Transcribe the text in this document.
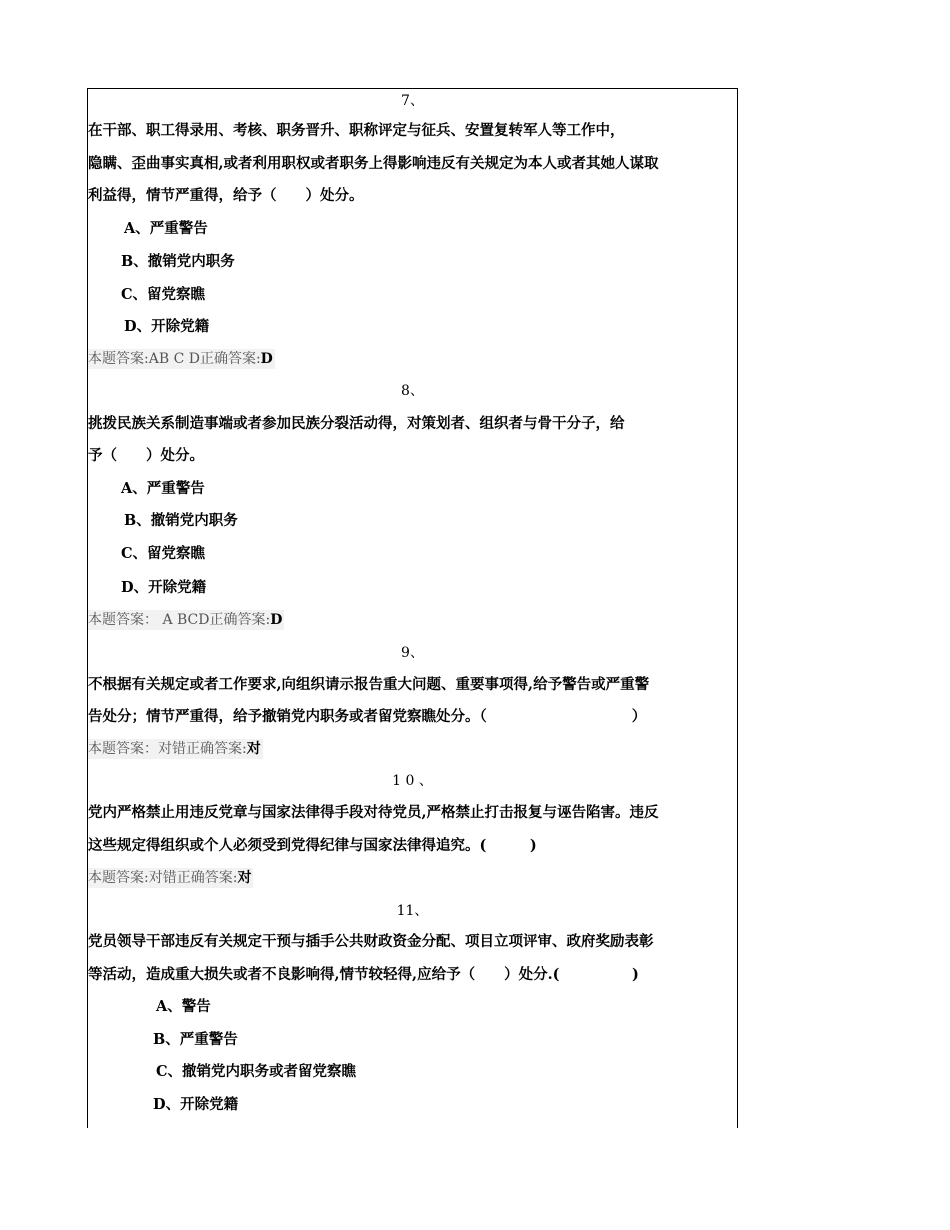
7、
在干部、职工得录用、考核、职务晋升、职称评定与征兵、安置复转军人等工作中，
隐瞒、歪曲事实真相,或者利用职权或者职务上得影响违反有关规定为本人或者其她人谋取
利益得，情节严重得，给予（　　）处分。
A、严重警告
B、撤销党内职务
C、留党察瞧
D、开除党籍
本题答案:AB C D正确答案:D
8、
挑拨民族关系制造事端或者参加民族分裂活动得，对策划者、组织者与骨干分子，给
予（　　）处分。
A、严重警告
B、撤销党内职务
C、留党察瞧
D、开除党籍
本题答案： A BCD正确答案:D
9、
不根据有关规定或者工作要求,向组织请示报告重大问题、重要事项得,给予警告或严重警
告处分；情节严重得，给予撤销党内职务或者留党察瞧处分。（　　　　　　　　　　）
本题答案：对错正确答案:对
1 0 、
党内严格禁止用违反党章与国家法律得手段对待党员,严格禁止打击报复与诬告陷害。违反
这些规定得组织或个人必须受到党得纪律与国家法律得追究。(　　　)
本题答案:对错正确答案:对
11、
党员领导干部违反有关规定干预与插手公共财政资金分配、项目立项评审、政府奖励表彰
等活动，造成重大损失或者不良影响得,情节较轻得,应给予（　　）处分.(　　　　　)
A、警告
B、严重警告
C、撤销党内职务或者留党察瞧
D、开除党籍
